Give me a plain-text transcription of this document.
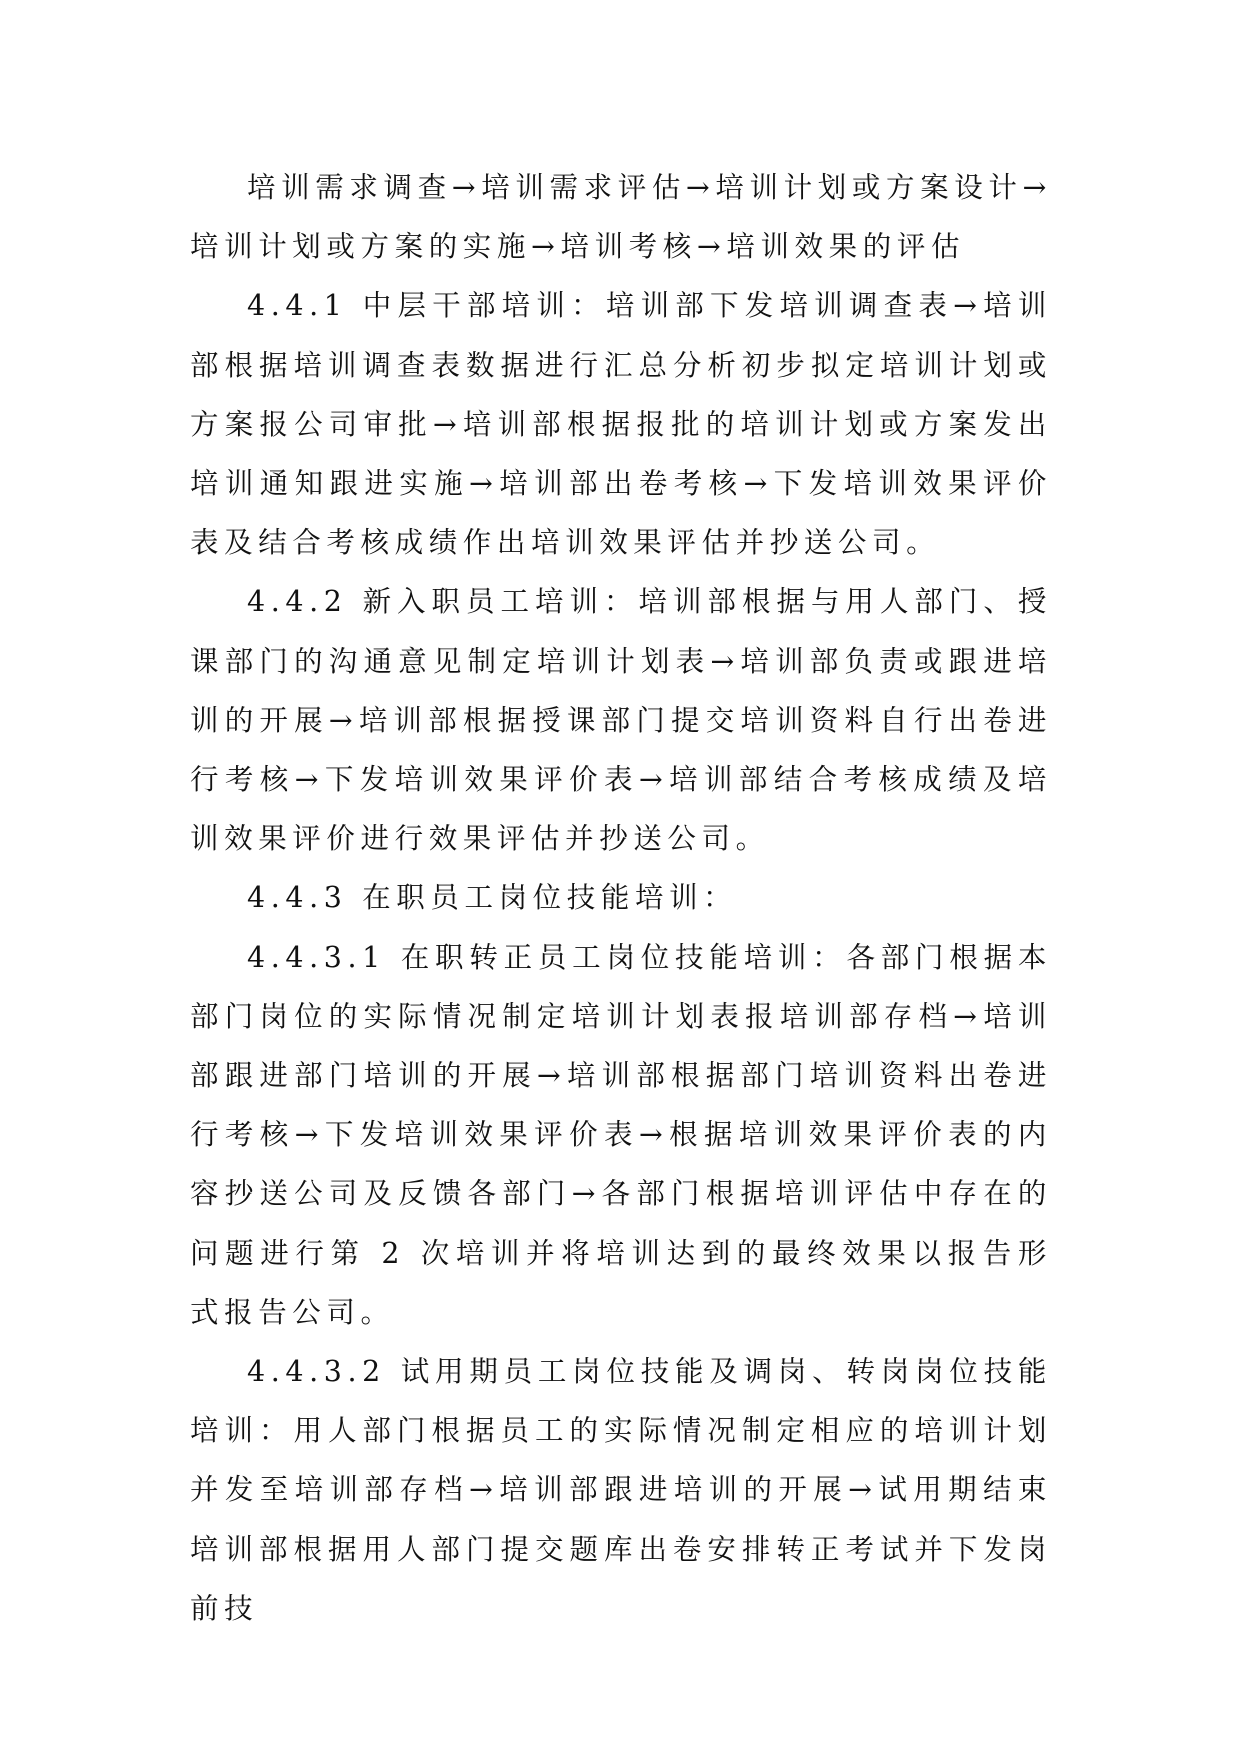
培训需求调查→培训需求评估→培训计划或方案设计→培训计划或方案的实施→培训考核→培训效果的评估

4.4.1 中层干部培训：培训部下发培训调查表→培训部根据培训调查表数据进行汇总分析初步拟定培训计划或方案报公司审批→培训部根据报批的培训计划或方案发出培训通知跟进实施→培训部出卷考核→下发培训效果评价表及结合考核成绩作出培训效果评估并抄送公司。

4.4.2 新入职员工培训：培训部根据与用人部门、授课部门的沟通意见制定培训计划表→培训部负责或跟进培训的开展→培训部根据授课部门提交培训资料自行出卷进行考核→下发培训效果评价表→培训部结合考核成绩及培训效果评价进行效果评估并抄送公司。

4.4.3 在职员工岗位技能培训：

4.4.3.1 在职转正员工岗位技能培训：各部门根据本部门岗位的实际情况制定培训计划表报培训部存档→培训部跟进部门培训的开展→培训部根据部门培训资料出卷进行考核→下发培训效果评价表→根据培训效果评价表的内容抄送公司及反馈各部门→各部门根据培训评估中存在的问题进行第 2 次培训并将培训达到的最终效果以报告形式报告公司。

4.4.3.2 试用期员工岗位技能及调岗、转岗岗位技能培训：用人部门根据员工的实际情况制定相应的培训计划并发至培训部存档→培训部跟进培训的开展→试用期结束培训部根据用人部门提交题库出卷安排转正考试并下发岗前技
